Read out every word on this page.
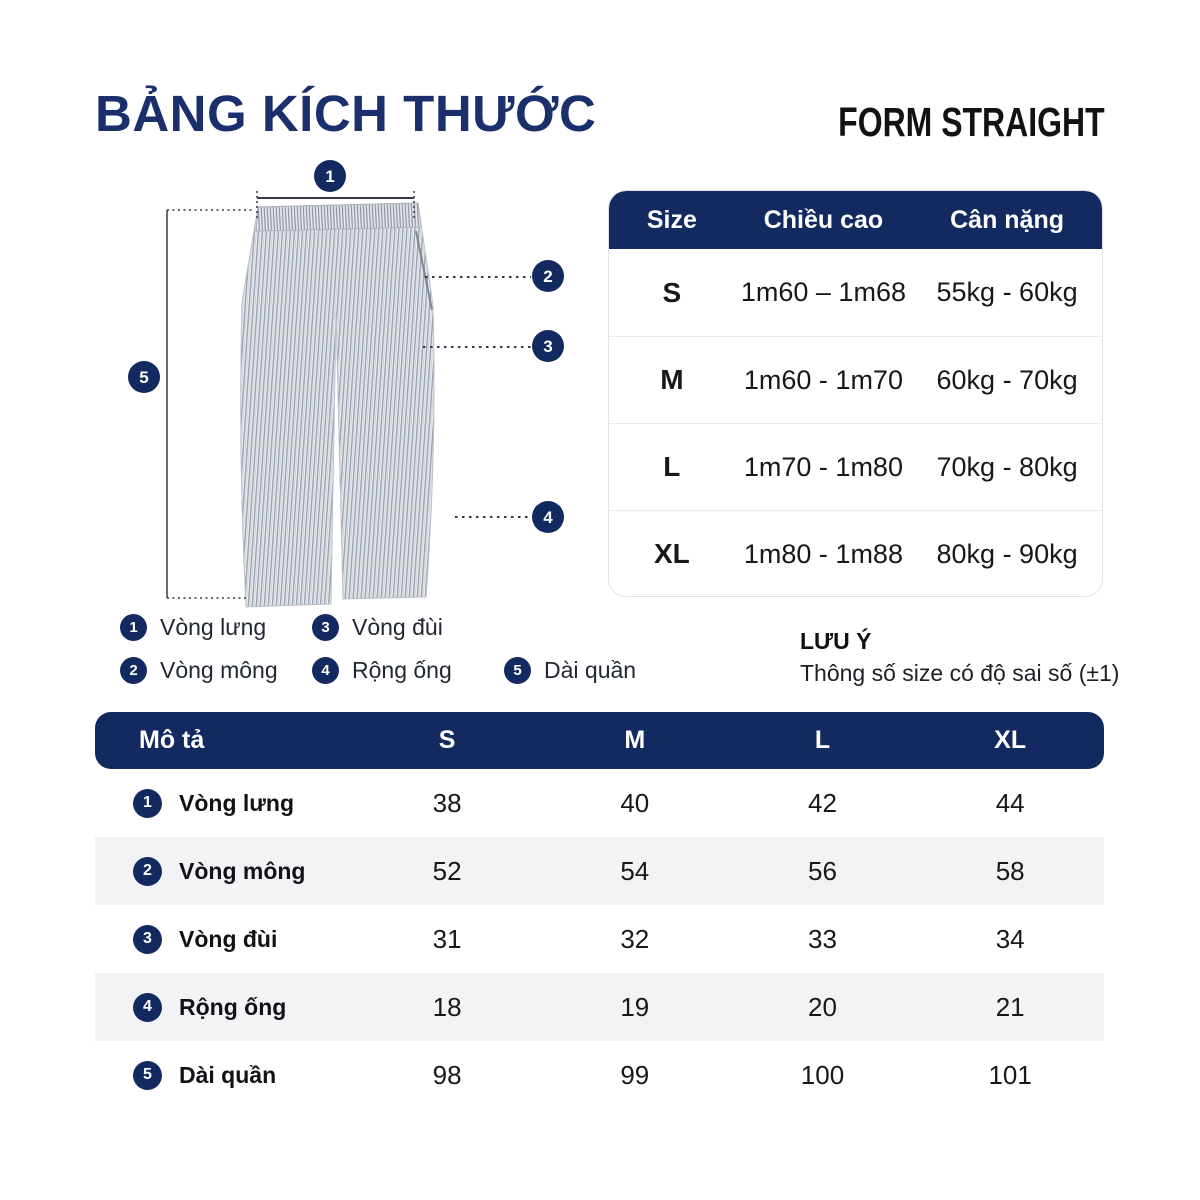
BẢNG KÍCH THƯỚC	FORM STRAIGHT
1
2
3
4
5
1 Vòng lưng	3 Vòng đùi
2 Vòng mông	4 Rộng ống	5 Dài quần
LƯU Ý
Thông số size có độ sai số (±1)
Size	Chiều cao	Cân nặng
S	1m60 – 1m68	55kg - 60kg
M	1m60 - 1m70	60kg - 70kg
L	1m70 - 1m80	70kg - 80kg
XL	1m80 - 1m88	80kg - 90kg
Mô tả	S	M	L	XL
1	Vòng lưng	38	40	42	44
2	Vòng mông	52	54	56	58
3	Vòng đùi	31	32	33	34
4	Rộng ống	18	19	20	21
5	Dài quần	98	99	100	101
